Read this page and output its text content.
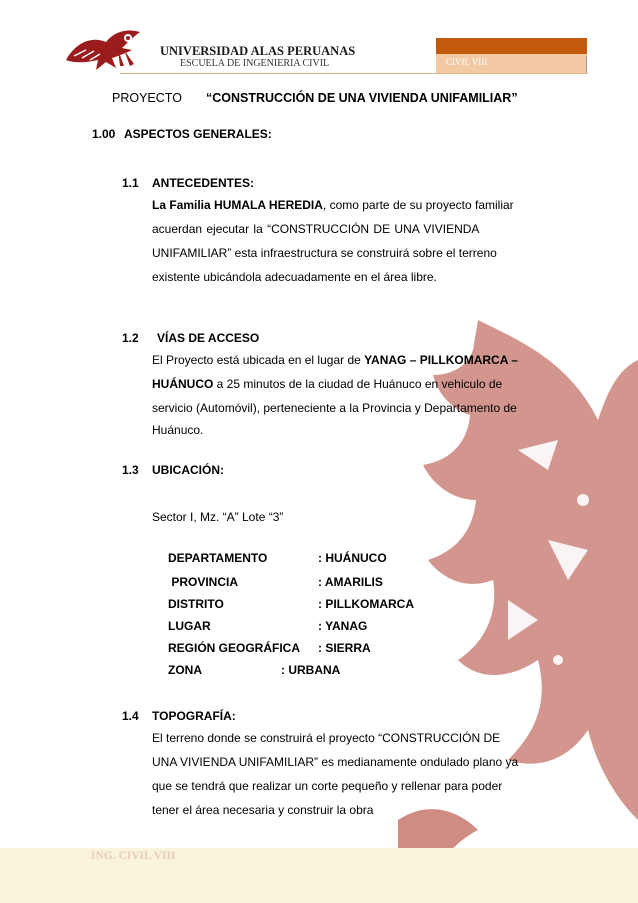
UNIVERSIDAD ALAS PERUANAS
ESCUELA DE INGENIERIA CIVIL	CIVIL VIII
PROYECTO “CONSTRUCCIÓN DE UNA VIVIENDA UNIFAMILIAR”
1.00 ASPECTOS GENERALES:
1.1 ANTECEDENTES:
La Familia HUMALA HEREDIA, como parte de su proyecto familiar
acuerdan ejecutar la “CONSTRUCCIÓN DE UNA VIVIENDA
UNIFAMILIAR” esta infraestructura se construirá sobre el terreno
existente ubicándola adecuadamente en el área libre.
1.2 VÍAS DE ACCESO
El Proyecto está ubicada en el lugar de YANAG – PILLKOMARCA –
HUÁNUCO a 25 minutos de la ciudad de Huánuco en vehiculo de
servicio (Automóvil), perteneciente a la Provincia y Departamento de
Huánuco.
1.3 UBICACIÓN:
Sector I, Mz. “A” Lote “3”
DEPARTAMENTO	: HUÁNUCO
PROVINCIA	: AMARILIS
DISTRITO	: PILLKOMARCA
LUGAR	: YANAG
REGIÓN GEOGRÁFICA : SIERRA
ZONA	: URBANA
1.4 TOPOGRAFÍA:
El terreno donde se construirá el proyecto “CONSTRUCCIÓN DE
UNA VIVIENDA UNIFAMILIAR” es medianamente ondulado plano ya
que se tendrá que realizar un corte pequeño y rellenar para poder
tener el área necesaria y construir la obra
ING. CIVIL VIII
